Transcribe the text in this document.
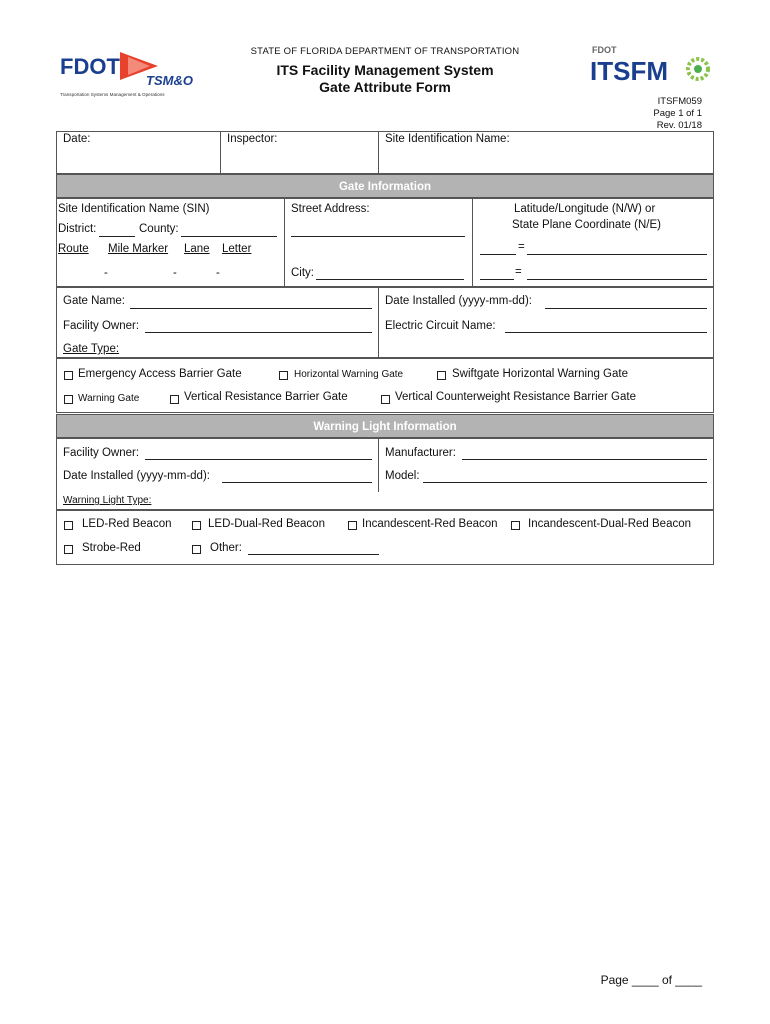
FDOT
TSM&O
Transportation Systems Management & Operations
FDOT
ITSFM
STATE OF FLORIDA DEPARTMENT OF TRANSPORTATION
ITS Facility Management System
Gate Attribute Form
ITSFM059
Page 1 of 1
Rev. 01/18
Date:	Inspector:	Site Identification Name:
Gate Information
Site Identification Name (SIN)
District:	County:
Route Mile Marker Lane Letter
-	-	-
Street Address:
City:
Latitude/Longitude (N/W) or
State Plane Coordinate (N/E)
=
=
Gate Name:	Date Installed (yyyy-mm-dd):
Facility Owner:	Electric Circuit Name:
Gate Type:
Emergency Access Barrier Gate	Horizontal Warning Gate	Swiftgate Horizontal Warning Gate
Warning Gate	Vertical Resistance Barrier Gate	Vertical Counterweight Resistance Barrier Gate
Warning Light Information
Facility Owner:	Manufacturer:
Date Installed (yyyy-mm-dd):	Model:
Warning Light Type:
LED-Red Beacon	LED-Dual-Red Beacon	Incandescent-Red Beacon	Incandescent-Dual-Red Beacon
Strobe-Red	Other:
Page ____ of ____
